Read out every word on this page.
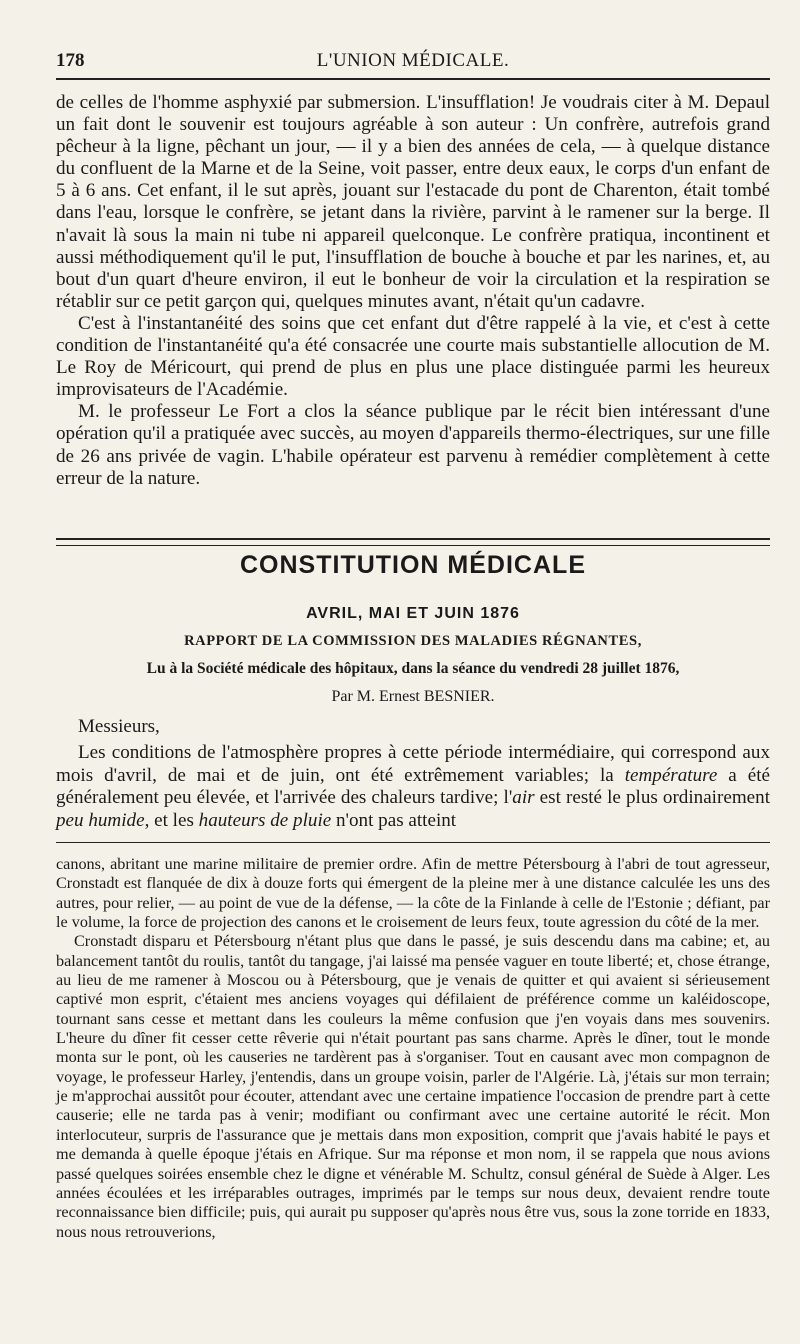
178	L'UNION MÉDICALE.

de celles de l'homme asphyxié par submersion. L'insufflation! Je voudrais citer à M. Depaul un fait dont le souvenir est toujours agréable à son auteur : Un confrère, autrefois grand pêcheur à la ligne, pêchant un jour, — il y a bien des années de cela, — à quelque distance du confluent de la Marne et de la Seine, voit passer, entre deux eaux, le corps d'un enfant de 5 à 6 ans. Cet enfant, il le sut après, jouant sur l'estacade du pont de Charenton, était tombé dans l'eau, lorsque le confrère, se jetant dans la rivière, parvint à le ramener sur la berge. Il n'avait là sous la main ni tube ni appareil quelconque. Le confrère pratiqua, incontinent et aussi méthodiquement qu'il le put, l'insufflation de bouche à bouche et par les narines, et, au bout d'un quart d'heure environ, il eut le bonheur de voir la circulation et la respiration se rétablir sur ce petit garçon qui, quelques minutes avant, n'était qu'un cadavre.

C'est à l'instantanéité des soins que cet enfant dut d'être rappelé à la vie, et c'est à cette condition de l'instantanéité qu'a été consacrée une courte mais substantielle allocution de M. Le Roy de Méricourt, qui prend de plus en plus une place distinguée parmi les heureux improvisateurs de l'Académie.

M. le professeur Le Fort a clos la séance publique par le récit bien intéressant d'une opération qu'il a pratiquée avec succès, au moyen d'appareils thermo-électriques, sur une fille de 26 ans privée de vagin. L'habile opérateur est parvenu à remédier complètement à cette erreur de la nature.

CONSTITUTION MÉDICALE
AVRIL, MAI ET JUIN 1876
RAPPORT DE LA COMMISSION DES MALADIES RÉGNANTES,
Lu à la Société médicale des hôpitaux, dans la séance du vendredi 28 juillet 1876,
Par M. Ernest BESNIER.
Messieurs,

Les conditions de l'atmosphère propres à cette période intermédiaire, qui correspond aux mois d'avril, de mai et de juin, ont été extrêmement variables; la température a été généralement peu élevée, et l'arrivée des chaleurs tardive; l'air est resté le plus ordinairement peu humide, et les hauteurs de pluie n'ont pas atteint

canons, abritant une marine militaire de premier ordre. Afin de mettre Pétersbourg à l'abri de tout agresseur, Cronstadt est flanquée de dix à douze forts qui émergent de la pleine mer à une distance calculée les uns des autres, pour relier, — au point de vue de la défense, — la côte de la Finlande à celle de l'Estonie ; défiant, par le volume, la force de projection des canons et le croisement de leurs feux, toute agression du côté de la mer.

Cronstadt disparu et Pétersbourg n'étant plus que dans le passé, je suis descendu dans ma cabine; et, au balancement tantôt du roulis, tantôt du tangage, j'ai laissé ma pensée vaguer en toute liberté; et, chose étrange, au lieu de me ramener à Moscou ou à Pétersbourg, que je venais de quitter et qui avaient si sérieusement captivé mon esprit, c'étaient mes anciens voyages qui défilaient de préférence comme un kaléidoscope, tournant sans cesse et mettant dans les couleurs la même confusion que j'en voyais dans mes souvenirs. L'heure du dîner fit cesser cette rêverie qui n'était pourtant pas sans charme. Après le dîner, tout le monde monta sur le pont, où les causeries ne tardèrent pas à s'organiser. Tout en causant avec mon compagnon de voyage, le professeur Harley, j'entendis, dans un groupe voisin, parler de l'Algérie. Là, j'étais sur mon terrain; je m'approchai aussitôt pour écouter, attendant avec une certaine impatience l'occasion de prendre part à cette causerie; elle ne tarda pas à venir; modifiant ou confirmant avec une certaine autorité le récit. Mon interlocuteur, surpris de l'assurance que je mettais dans mon exposition, comprit que j'avais habité le pays et me demanda à quelle époque j'étais en Afrique. Sur ma réponse et mon nom, il se rappela que nous avions passé quelques soirées ensemble chez le digne et vénérable M. Schultz, consul général de Suède à Alger. Les années écoulées et les irréparables outrages, imprimés par le temps sur nous deux, devaient rendre toute reconnaissance bien difficile; puis, qui aurait pu supposer qu'après nous être vus, sous la zone torride en 1833, nous nous retrouverions,
